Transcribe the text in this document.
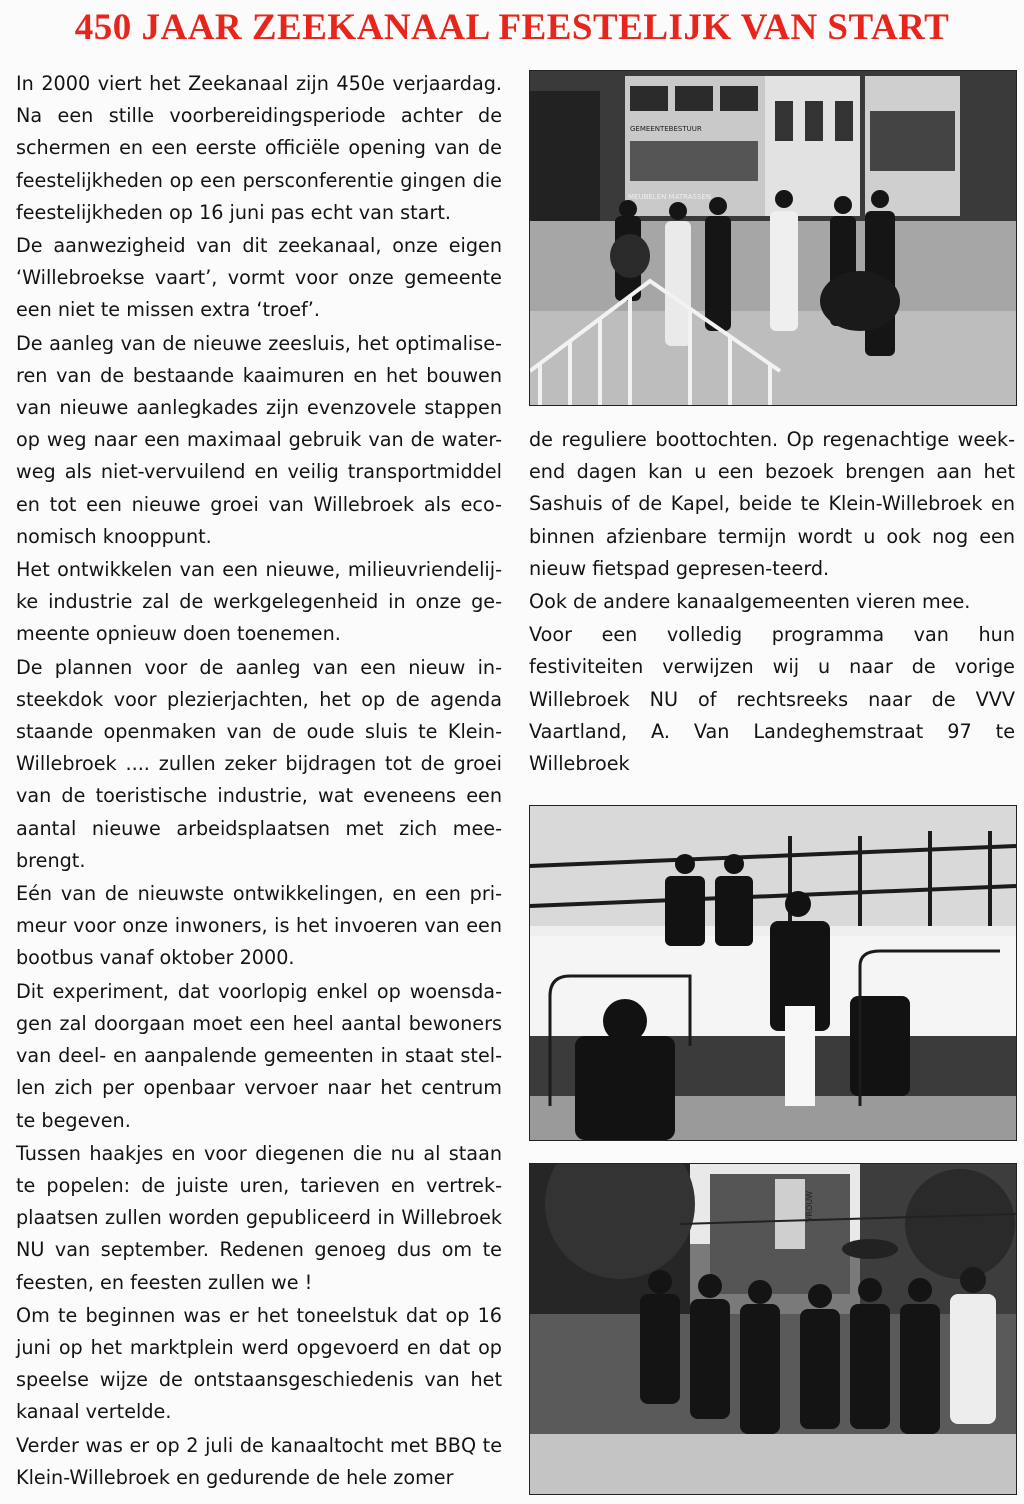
450 JAAR ZEEKANAAL FEESTELIJK VAN START

In 2000 viert het Zeekanaal zijn 450e verjaardag. Na een stille voorbereidingsperiode achter de schermen en een eerste officiële opening van de feestelijkheden op een persconferentie gingen die feestelijkheden op 16 juni pas echt van start.

De aanwezigheid van dit zeekanaal, onze eigen ‘Willebroekse vaart’, vormt voor onze gemeente een niet te missen extra ‘troef’.

De aanleg van de nieuwe zeesluis, het optimalise-ren van de bestaande kaaimuren en het bouwen van nieuwe aanlegkades zijn evenzovele stappen op weg naar een maximaal gebruik van de water-weg als niet-vervuilend en veilig transportmiddel en tot een nieuwe groei van Willebroek als eco-nomisch knooppunt.

Het ontwikkelen van een nieuwe, milieuvriendelij-ke industrie zal de werkgelegenheid in onze ge-meente opnieuw doen toenemen.

De plannen voor de aanleg van een nieuw in-steekdok voor plezierjachten, het op de agenda staande openmaken van de oude sluis te Klein-Willebroek .... zullen zeker bijdragen tot de groei van de toeristische industrie, wat eveneens een aantal nieuwe arbeidsplaatsen met zich mee-brengt.

Eén van de nieuwste ontwikkelingen, en een pri-meur voor onze inwoners, is het invoeren van een bootbus vanaf oktober 2000.

Dit experiment, dat voorlopig enkel op woensda-gen zal doorgaan moet een heel aantal bewoners van deel- en aanpalende gemeenten in staat stel-len zich per openbaar vervoer naar het centrum te begeven.

Tussen haakjes en voor diegenen die nu al staan te popelen: de juiste uren, tarieven en vertrek-plaatsen zullen worden gepubliceerd in Willebroek NU van september. Redenen genoeg dus om te feesten, en feesten zullen we !

Om te beginnen was er het toneelstuk dat op 16 juni op het marktplein werd opgevoerd en dat op speelse wijze de ontstaansgeschiedenis van het kanaal vertelde.

Verder was er op 2 juli de kanaaltocht met BBQ te Klein-Willebroek en gedurende de hele zomer

de reguliere boottochten. Op regenachtige week-end dagen kan u een bezoek brengen aan het Sashuis of de Kapel, beide te Klein-Willebroek en binnen afzienbare termijn wordt u ook nog een nieuw fietspad gepresen-teerd.

Ook de andere kanaalgemeenten vieren mee.

Voor een volledig programma van hun festiviteiten verwijzen wij u naar de vorige Willebroek NU of rechtsreeks naar de VVV Vaartland, A. Van Landeghemstraat 97 te Willebroek

GEMEENTEBESTUUR
MEUBELEN MATRASSEN
VROUW
